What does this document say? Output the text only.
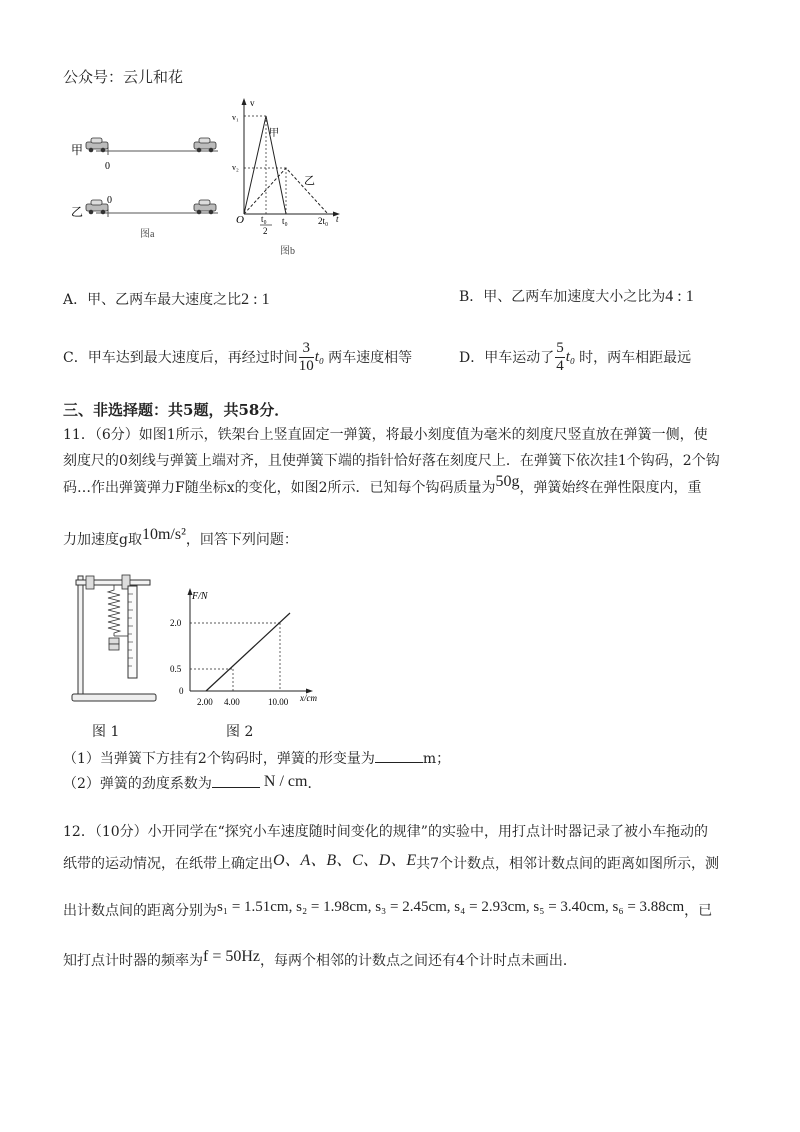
公众号：云儿和花
甲
0
乙
0
图a
v
v₁
v₂
甲
乙
O t₀
2
t₀	2t₀ t
图b
A．甲、乙两车最大速度之比2 : 1	B．甲、乙两车加速度大小之比为4 : 1
C．甲车达到最大速度后，再经过时间 $\frac{3}{10} t_0$ 两车速度相等	D．甲车运动了 $\frac{5}{4} t_0$ 时，两车相距最远
三、非选择题：共5题，共58分．
11．（6分）如图1所示，铁架台上竖直固定一弹簧，将最小刻度值为毫米的刻度尺竖直放在弹簧一侧，使
刻度尺的0刻线与弹簧上端对齐，且使弹簧下端的指针恰好落在刻度尺上．在弹簧下依次挂1个钩码，2个钩
码…作出弹簧弹力F随坐标x的变化，如图2所示．已知每个钩码质量为50g，弹簧始终在弹性限度内，重
力加速度g取10m/s²，回答下列问题：
图 1
F/N
2.0
0.5
0
2.00 4.00	10.00 x/cm
图 2
（1）当弹簧下方挂有2个钩码时，弹簧的形变量为	m；
（2）弹簧的劲度系数为	N / cm．
12．（10分）小开同学在“探究小车速度随时间变化的规律”的实验中，用打点计时器记录了被小车拖动的
纸带的运动情况，在纸带上确定出O、A、B、C、D、E共7个计数点，相邻计数点间的距离如图所示，测
出计数点间的距离分别为s₁ = 1.51cm, s₂ = 1.98cm, s₃ = 2.45cm, s₄ = 2.93cm, s₅ = 3.40cm, s₆ = 3.88cm，已
知打点计时器的频率为f = 50Hz，每两个相邻的计数点之间还有4个计时点未画出．
